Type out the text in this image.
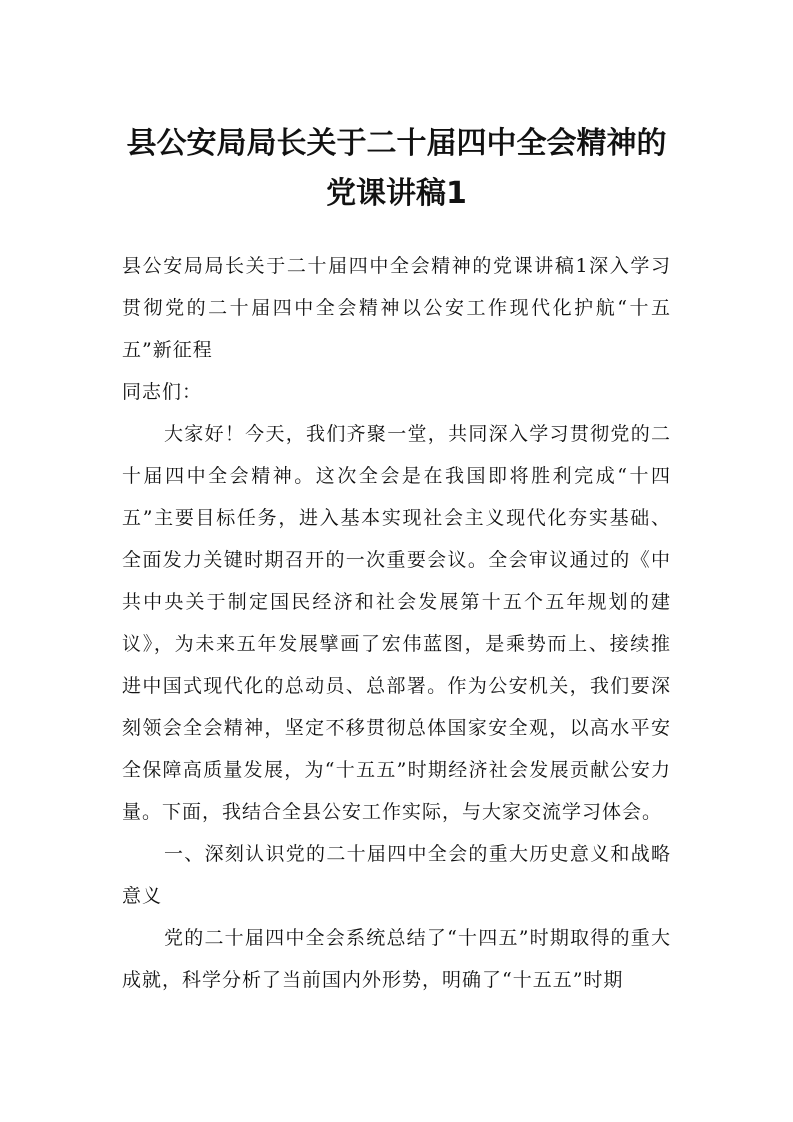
县公安局局长关于二十届四中全会精神的
党课讲稿1

县公安局局长关于二十届四中全会精神的党课讲稿1深入学习贯彻党的二十届四中全会精神以公安工作现代化护航“十五五”新征程

同志们：

大家好！今天，我们齐聚一堂，共同深入学习贯彻党的二十届四中全会精神。这次全会是在我国即将胜利完成“十四五”主要目标任务，进入基本实现社会主义现代化夯实基础、全面发力关键时期召开的一次重要会议。全会审议通过的《中共中央关于制定国民经济和社会发展第十五个五年规划的建议》，为未来五年发展擘画了宏伟蓝图，是乘势而上、接续推进中国式现代化的总动员、总部署。作为公安机关，我们要深刻领会全会精神，坚定不移贯彻总体国家安全观，以高水平安全保障高质量发展，为“十五五”时期经济社会发展贡献公安力量。下面，我结合全县公安工作实际，与大家交流学习体会。

一、深刻认识党的二十届四中全会的重大历史意义和战略意义

党的二十届四中全会系统总结了“十四五”时期取得的重大成就，科学分析了当前国内外形势，明确了“十五五”时期
